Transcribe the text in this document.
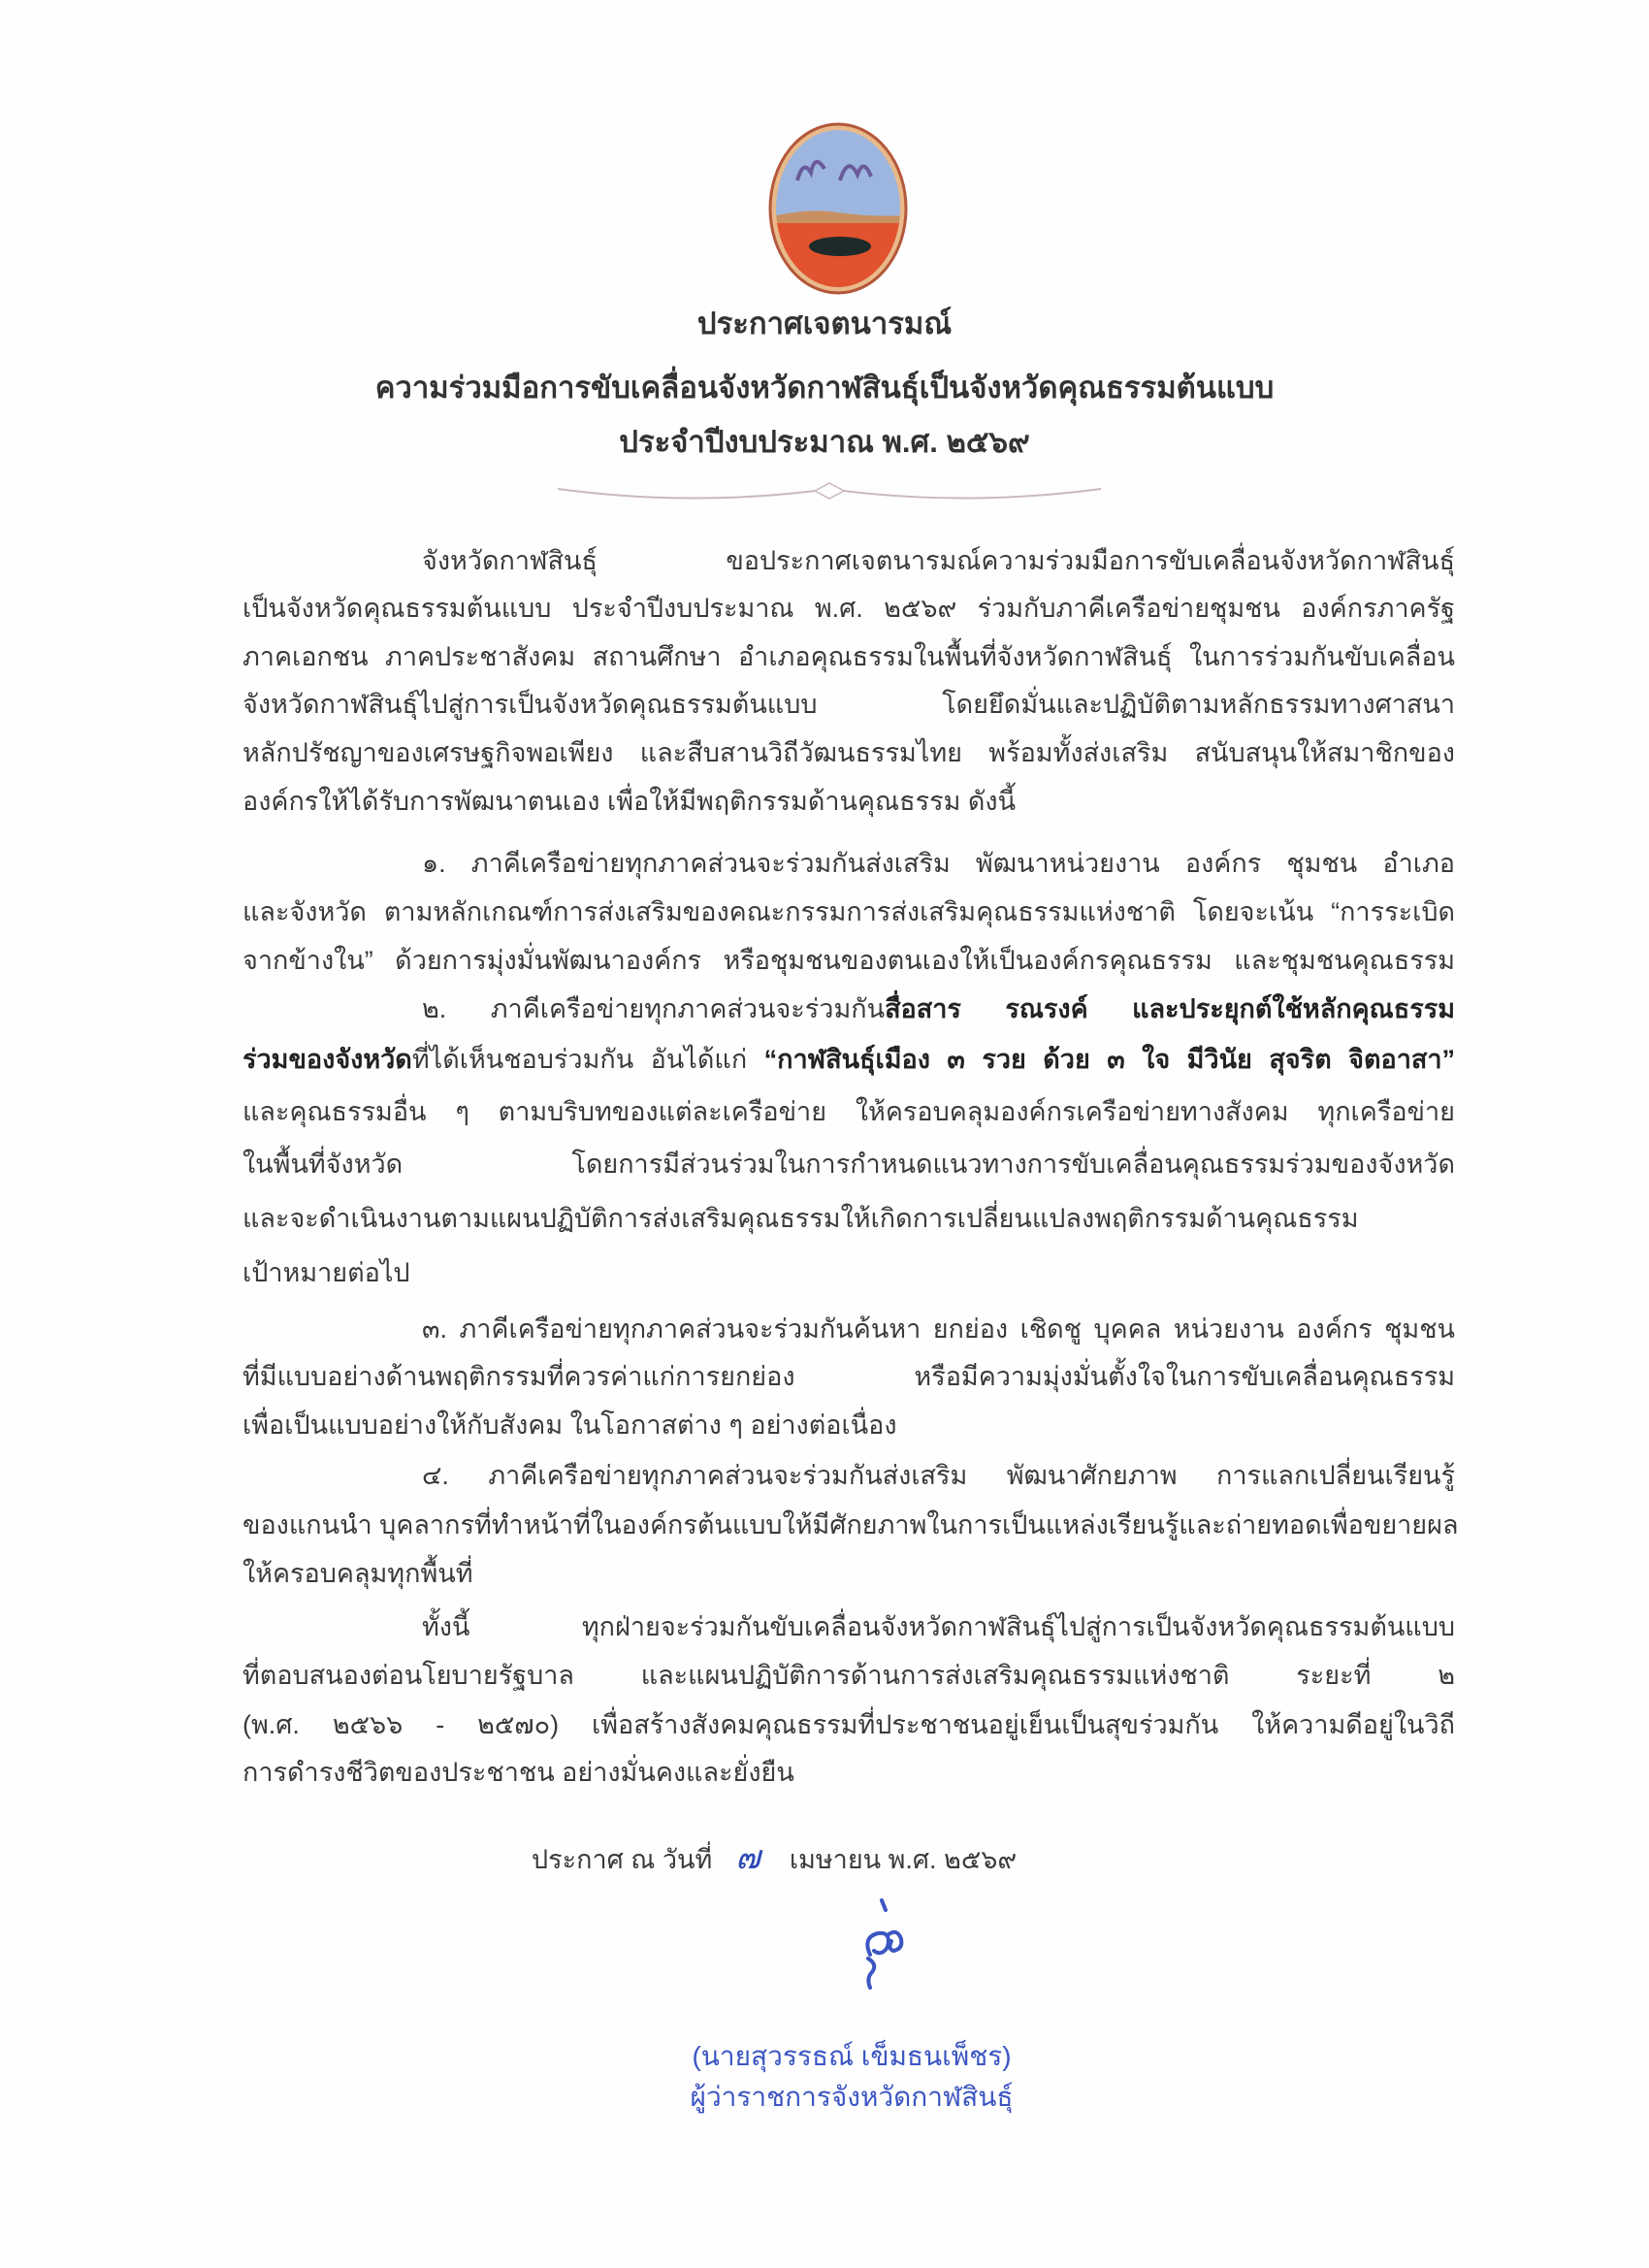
ประกาศเจตนารมณ์
ความร่วมมือการขับเคลื่อนจังหวัดกาฬสินธุ์เป็นจังหวัดคุณธรรมต้นแบบ
ประจำปีงบประมาณ พ.ศ. ๒๕๖๙
จังหวัดกาฬสินธุ์ ขอประกาศเจตนารมณ์ความร่วมมือการขับเคลื่อนจังหวัดกาฬสินธุ์
เป็นจังหวัดคุณธรรมต้นแบบ ประจำปีงบประมาณ พ.ศ. ๒๕๖๙ ร่วมกับภาคีเครือข่ายชุมชน องค์กรภาครัฐ
ภาคเอกชน ภาคประชาสังคม สถานศึกษา อำเภอคุณธรรมในพื้นที่จังหวัดกาฬสินธุ์ ในการร่วมกันขับเคลื่อน
จังหวัดกาฬสินธุ์ไปสู่การเป็นจังหวัดคุณธรรมต้นแบบ โดยยึดมั่นและปฏิบัติตามหลักธรรมทางศาสนา
หลักปรัชญาของเศรษฐกิจพอเพียง และสืบสานวิถีวัฒนธรรมไทย พร้อมทั้งส่งเสริม สนับสนุนให้สมาชิกของ
องค์กรให้ได้รับการพัฒนาตนเอง เพื่อให้มีพฤติกรรมด้านคุณธรรม ดังนี้
๑. ภาคีเครือข่ายทุกภาคส่วนจะร่วมกันส่งเสริม พัฒนาหน่วยงาน องค์กร ชุมชน อำเภอ
และจังหวัด ตามหลักเกณฑ์การส่งเสริมของคณะกรรมการส่งเสริมคุณธรรมแห่งชาติ โดยจะเน้น “การระเบิด
จากข้างใน” ด้วยการมุ่งมั่นพัฒนาองค์กร หรือชุมชนของตนเองให้เป็นองค์กรคุณธรรม และชุมชนคุณธรรม
๒. ภาคีเครือข่ายทุกภาคส่วนจะร่วมกันสื่อสาร รณรงค์ และประยุกต์ใช้หลักคุณธรรม
ร่วมของจังหวัดที่ได้เห็นชอบร่วมกัน อันได้แก่ “กาฬสินธุ์เมือง ๓ รวย ด้วย ๓ ใจ มีวินัย สุจริต จิตอาสา”
และคุณธรรมอื่น ๆ ตามบริบทของแต่ละเครือข่าย ให้ครอบคลุมองค์กรเครือข่ายทางสังคม ทุกเครือข่าย
ในพื้นที่จังหวัด โดยการมีส่วนร่วมในการกำหนดแนวทางการขับเคลื่อนคุณธรรมร่วมของจังหวัด
และจะดำเนินงานตามแผนปฏิบัติการส่งเสริมคุณธรรมให้เกิดการเปลี่ยนแปลงพฤติกรรมด้านคุณธรรม
เป้าหมายต่อไป
๓. ภาคีเครือข่ายทุกภาคส่วนจะร่วมกันค้นหา ยกย่อง เชิดชู บุคคล หน่วยงาน องค์กร ชุมชน
ที่มีแบบอย่างด้านพฤติกรรมที่ควรค่าแก่การยกย่อง หรือมีความมุ่งมั่นตั้งใจในการขับเคลื่อนคุณธรรม
เพื่อเป็นแบบอย่างให้กับสังคม ในโอกาสต่าง ๆ อย่างต่อเนื่อง
๔. ภาคีเครือข่ายทุกภาคส่วนจะร่วมกันส่งเสริม พัฒนาศักยภาพ การแลกเปลี่ยนเรียนรู้
ของแกนนำ บุคลากรที่ทำหน้าที่ในองค์กรต้นแบบให้มีศักยภาพในการเป็นแหล่งเรียนรู้และถ่ายทอดเพื่อขยายผล
ให้ครอบคลุมทุกพื้นที่
ทั้งนี้ ทุกฝ่ายจะร่วมกันขับเคลื่อนจังหวัดกาฬสินธุ์ไปสู่การเป็นจังหวัดคุณธรรมต้นแบบ
ที่ตอบสนองต่อนโยบายรัฐบาล และแผนปฏิบัติการด้านการส่งเสริมคุณธรรมแห่งชาติ ระยะที่ ๒
(พ.ศ. ๒๕๖๖ - ๒๕๗๐) เพื่อสร้างสังคมคุณธรรมที่ประชาชนอยู่เย็นเป็นสุขร่วมกัน ให้ความดีอยู่ในวิถี
การดำรงชีวิตของประชาชน อย่างมั่นคงและยั่งยืน
ประกาศ ณ วันที่ ๗ เมษายน พ.ศ. ๒๕๖๙
(นายสุวรรธณ์ เข็มธนเพ็ชร)
ผู้ว่าราชการจังหวัดกาฬสินธุ์
